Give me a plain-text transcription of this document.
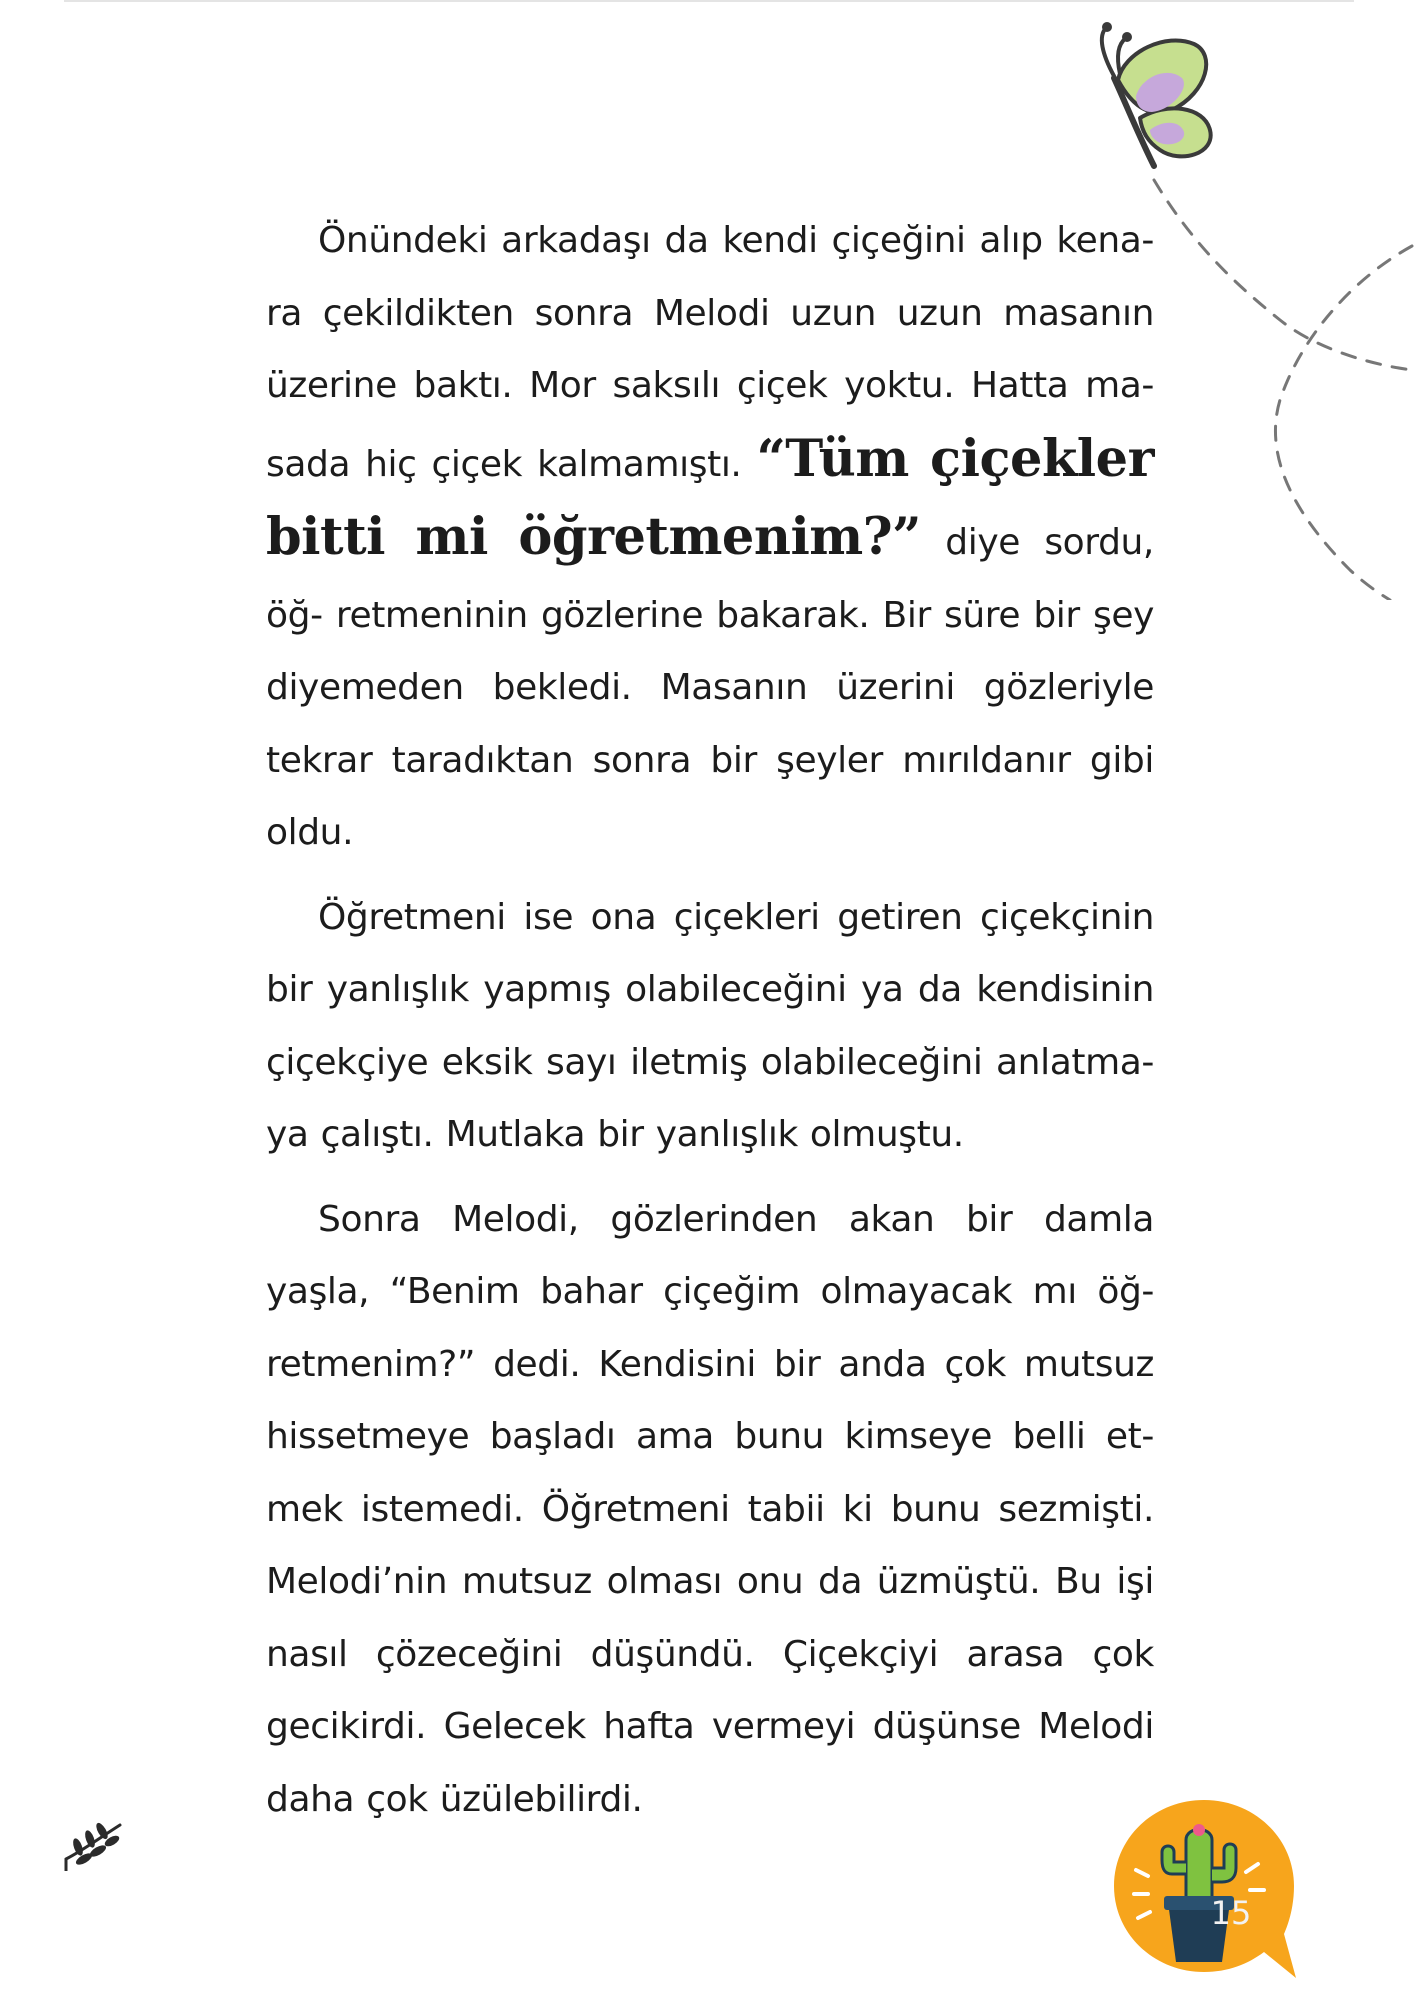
Önündeki arkadaşı da kendi çiçeğini alıp kena- ra çekildikten sonra Melodi uzun uzun masanın üzerine baktı. Mor saksılı çiçek yoktu. Hatta ma- sada hiç çiçek kalmamıştı. “Tüm çiçekler bitti mi öğretmenim?” diye sordu, öğ- retmeninin gözlerine bakarak. Bir süre bir şey diyemeden bekledi. Masanın üzerini gözleriyle tekrar taradıktan sonra bir şeyler mırıldanır gibi oldu.

Öğretmeni ise ona çiçekleri getiren çiçekçinin bir yanlışlık yapmış olabileceğini ya da kendisinin çiçekçiye eksik sayı iletmiş olabileceğini anlatma- ya çalıştı. Mutlaka bir yanlışlık olmuştu.

Sonra Melodi, gözlerinden akan bir damla yaşla, “Benim bahar çiçeğim olmayacak mı öğ- retmenim?” dedi. Kendisini bir anda çok mutsuz hissetmeye başladı ama bunu kimseye belli et- mek istemedi. Öğretmeni tabii ki bunu sezmişti. Melodi’nin mutsuz olması onu da üzmüştü. Bu işi nasıl çözeceğini düşündü. Çiçekçiyi arasa çok gecikirdi. Gelecek hafta vermeyi düşünse Melodi daha çok üzülebilirdi.

15
